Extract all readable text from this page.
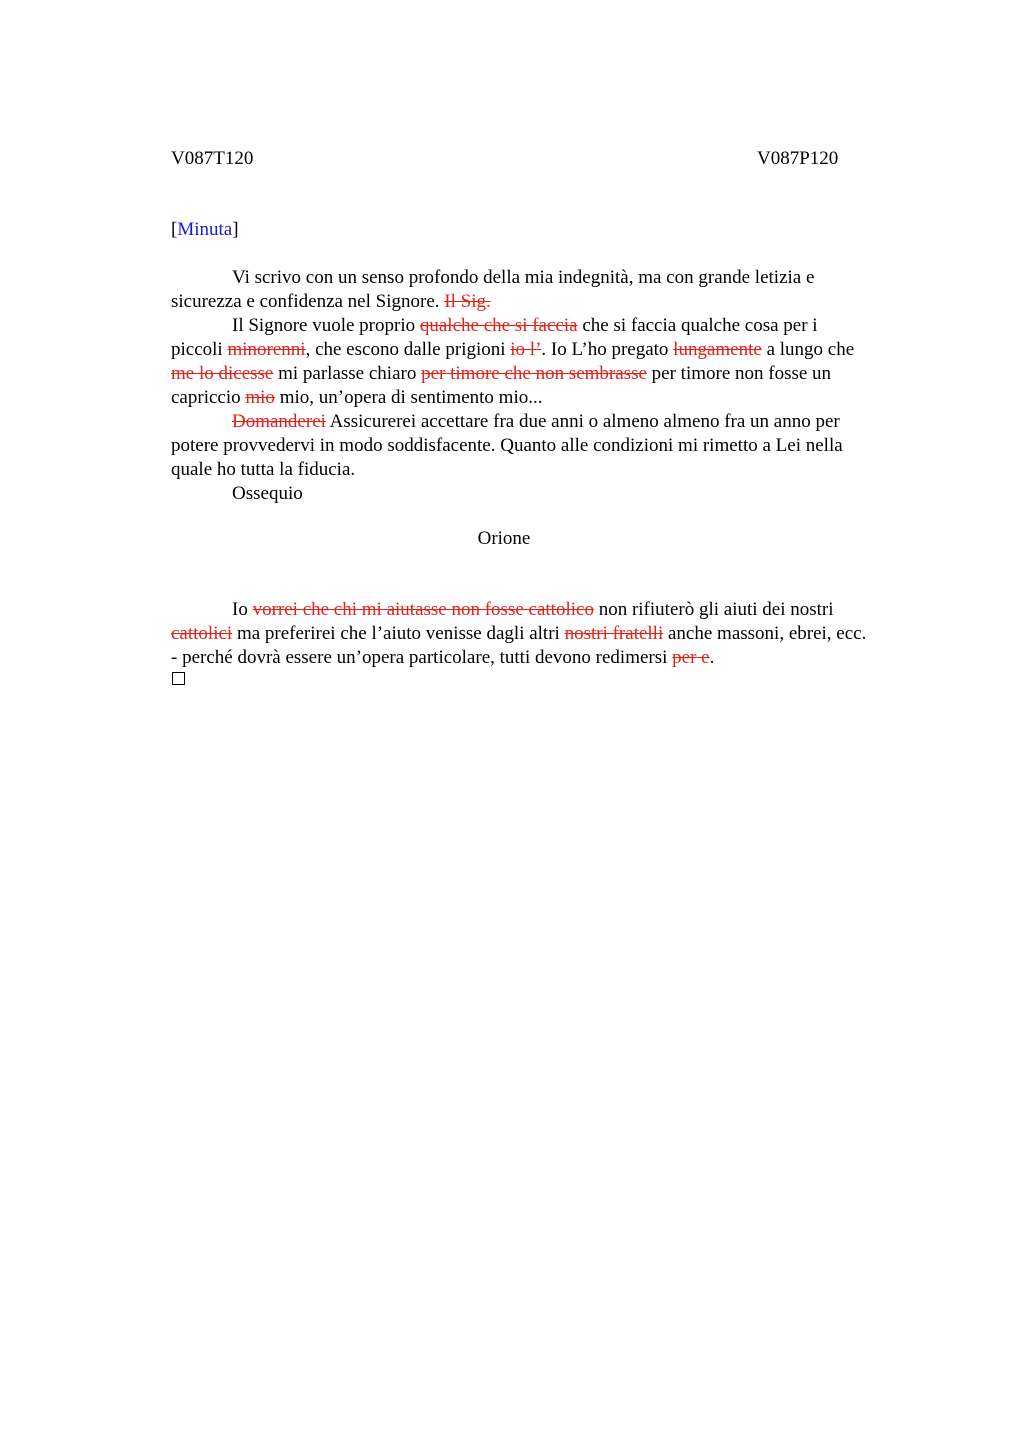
V087T120	V087P120
[Minuta]
Vi scrivo con un senso profondo della mia indegnità, ma con grande letizia e
sicurezza e confidenza nel Signore. Il Sig.
Il Signore vuole proprio qualche che si faccia che si faccia qualche cosa per i
piccoli minorenni, che escono dalle prigioni io l’. Io L’ho pregato lungamente a lungo che
me lo dicesse mi parlasse chiaro per timore che non sembrasse per timore non fosse un
capriccio mio mio, un’opera di sentimento mio...
Domanderei Assicurerei accettare fra due anni o almeno almeno fra un anno per
potere provvedervi in modo soddisfacente. Quanto alle condizioni mi rimetto a Lei nella
quale ho tutta la fiducia.
Ossequio
Orione
Io vorrei che chi mi aiutasse non fosse cattolico non rifiuterò gli aiuti dei nostri
cattolici ma preferirei che l’aiuto venisse dagli altri nostri fratelli anche massoni, ebrei, ecc.
- perché dovrà essere un’opera particolare, tutti devono redimersi per e.
